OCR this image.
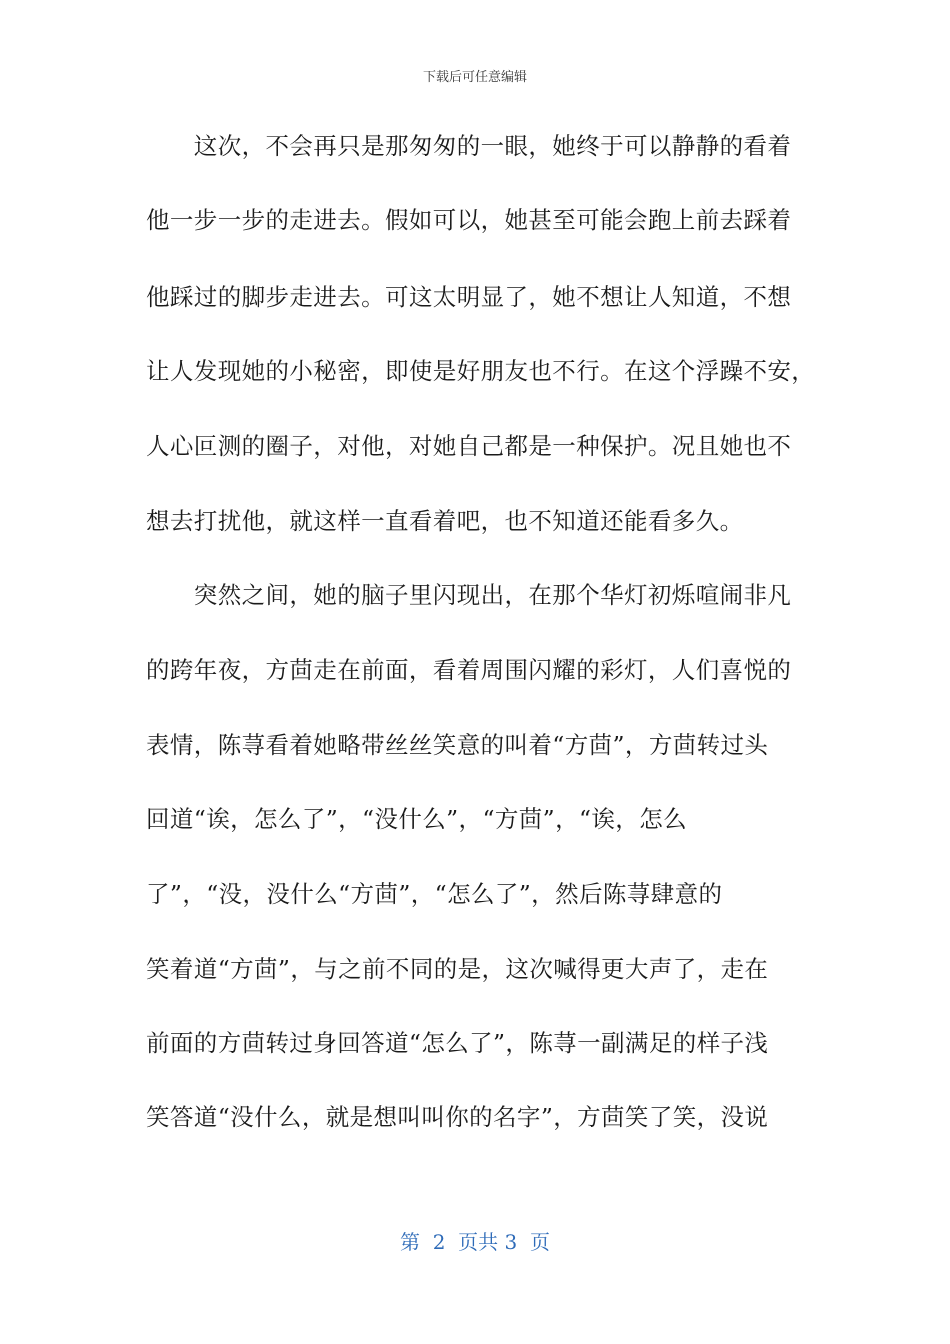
下载后可任意编辑
　　这次，不会再只是那匆匆的一眼，她终于可以静静的看着
他一步一步的走进去。假如可以，她甚至可能会跑上前去踩着
他踩过的脚步走进去。可这太明显了，她不想让人知道，不想
让人发现她的小秘密，即使是好朋友也不行。在这个浮躁不安，
人心叵测的圈子，对他，对她自己都是一种保护。况且她也不
想去打扰他，就这样一直看着吧，也不知道还能看多久。
　　突然之间，她的脑子里闪现出，在那个华灯初烁喧闹非凡
的跨年夜，方茴走在前面，看着周围闪耀的彩灯，人们喜悦的
表情，陈荨看着她略带丝丝笑意的叫着“方茴”，方茴转过头
回道“诶，怎么了”，“没什么”，“方茴”，“诶，怎么
了”，“没，没什么“方茴”，“怎么了”，然后陈荨肆意的
笑着道“方茴”，与之前不同的是，这次喊得更大声了，走在
前面的方茴转过身回答道“怎么了”，陈荨一副满足的样子浅
笑答道“没什么，就是想叫叫你的名字”，方茴笑了笑，没说
第  2  页共 3  页
